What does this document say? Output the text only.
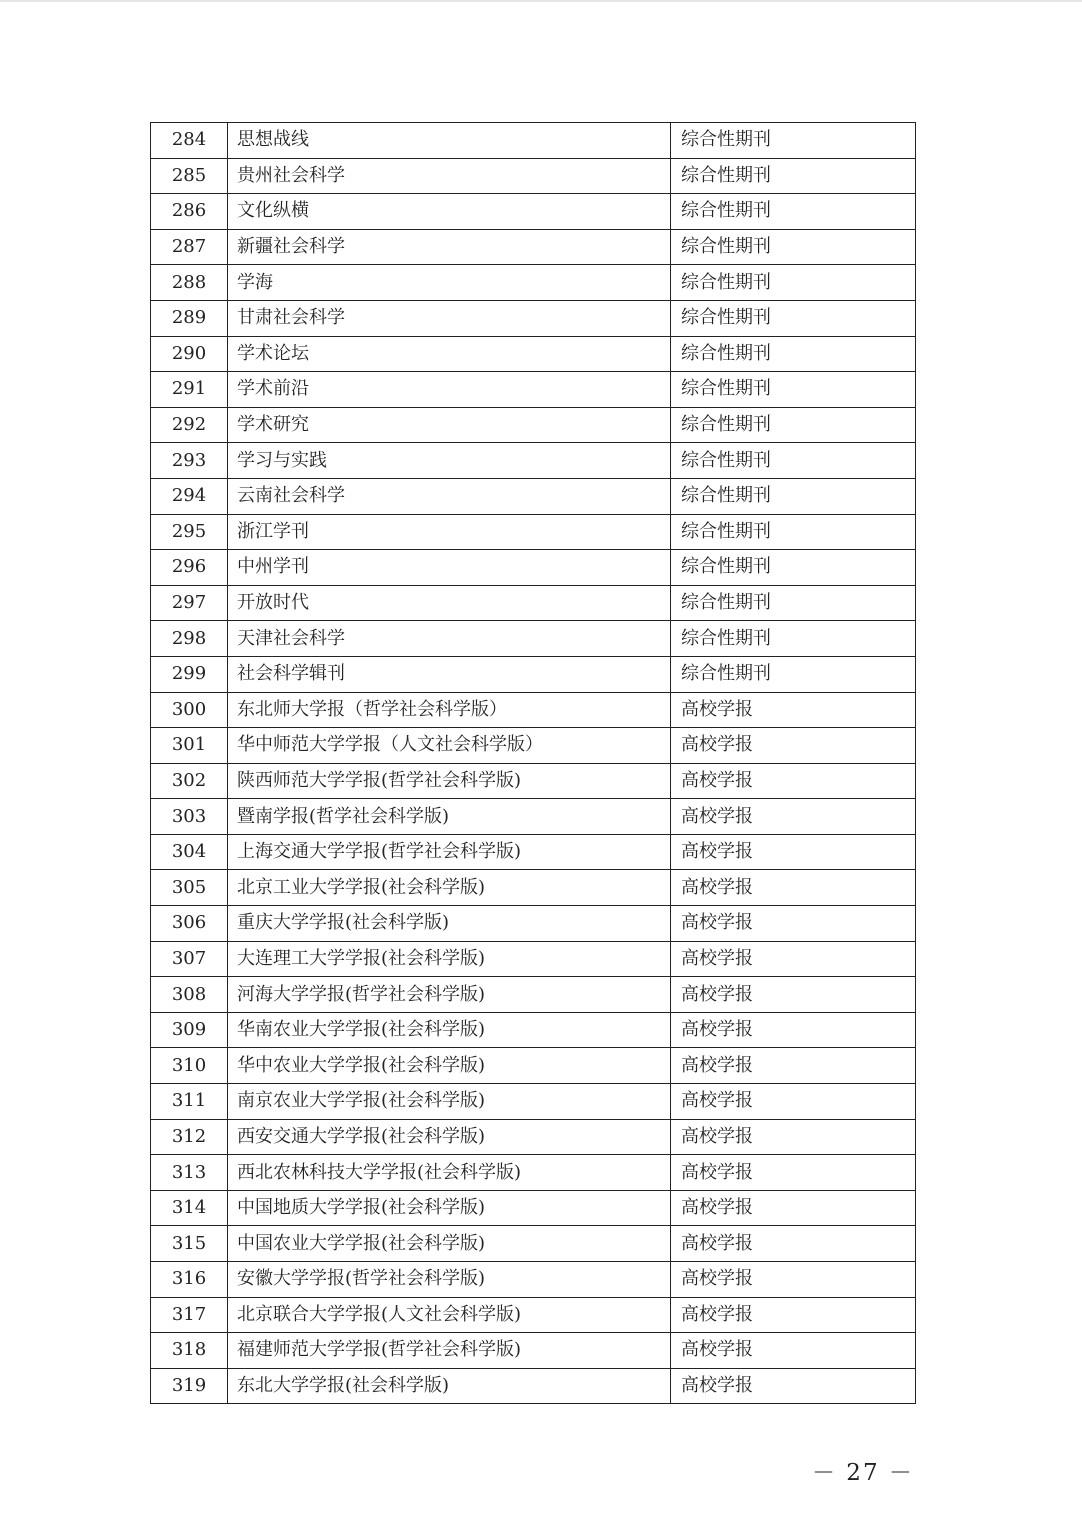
284	思想战线	综合性期刊
285	贵州社会科学	综合性期刊
286	文化纵横	综合性期刊
287	新疆社会科学	综合性期刊
288	学海	综合性期刊
289	甘肃社会科学	综合性期刊
290	学术论坛	综合性期刊
291	学术前沿	综合性期刊
292	学术研究	综合性期刊
293	学习与实践	综合性期刊
294	云南社会科学	综合性期刊
295	浙江学刊	综合性期刊
296	中州学刊	综合性期刊
297	开放时代	综合性期刊
298	天津社会科学	综合性期刊
299	社会科学辑刊	综合性期刊
300	东北师大学报（哲学社会科学版）	高校学报
301	华中师范大学学报（人文社会科学版）	高校学报
302	陕西师范大学学报(哲学社会科学版)	高校学报
303	暨南学报(哲学社会科学版)	高校学报
304	上海交通大学学报(哲学社会科学版)	高校学报
305	北京工业大学学报(社会科学版)	高校学报
306	重庆大学学报(社会科学版)	高校学报
307	大连理工大学学报(社会科学版)	高校学报
308	河海大学学报(哲学社会科学版)	高校学报
309	华南农业大学学报(社会科学版)	高校学报
310	华中农业大学学报(社会科学版)	高校学报
311	南京农业大学学报(社会科学版)	高校学报
312	西安交通大学学报(社会科学版)	高校学报
313	西北农林科技大学学报(社会科学版)	高校学报
314	中国地质大学学报(社会科学版)	高校学报
315	中国农业大学学报(社会科学版)	高校学报
316	安徽大学学报(哲学社会科学版)	高校学报
317	北京联合大学学报(人文社会科学版)	高校学报
318	福建师范大学学报(哲学社会科学版)	高校学报
319	东北大学学报(社会科学版)	高校学报
－ 27 －
